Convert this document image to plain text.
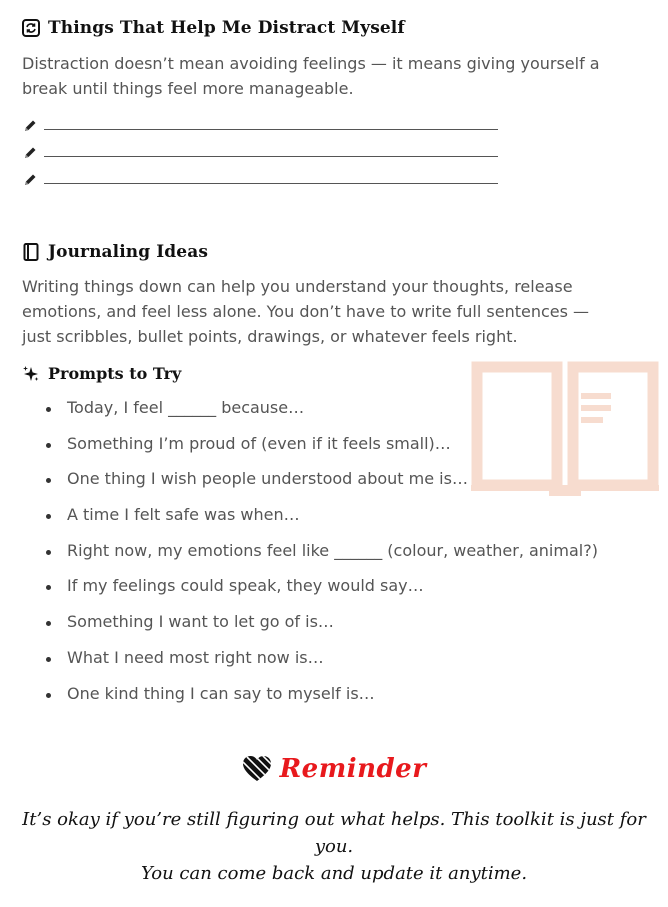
Things That Help Me Distract Myself

Distraction doesn’t mean avoiding feelings — it means giving yourself a break until things feel more manageable.

Journaling Ideas

Writing things down can help you understand your thoughts, release emotions, and feel less alone. You don’t have to write full sentences — just scribbles, bullet points, drawings, or whatever feels right.

Prompts to Try
Today, I feel ______ because…
Something I’m proud of (even if it feels small)…
One thing I wish people understood about me is…
A time I felt safe was when…
Right now, my emotions feel like ______ (colour, weather, animal?)
If my feelings could speak, they would say…
Something I want to let go of is…
What I need most right now is…
One kind thing I can say to myself is…
Reminder

It’s okay if you’re still figuring out what helps. This toolkit is just for you.
You can come back and update it anytime.
